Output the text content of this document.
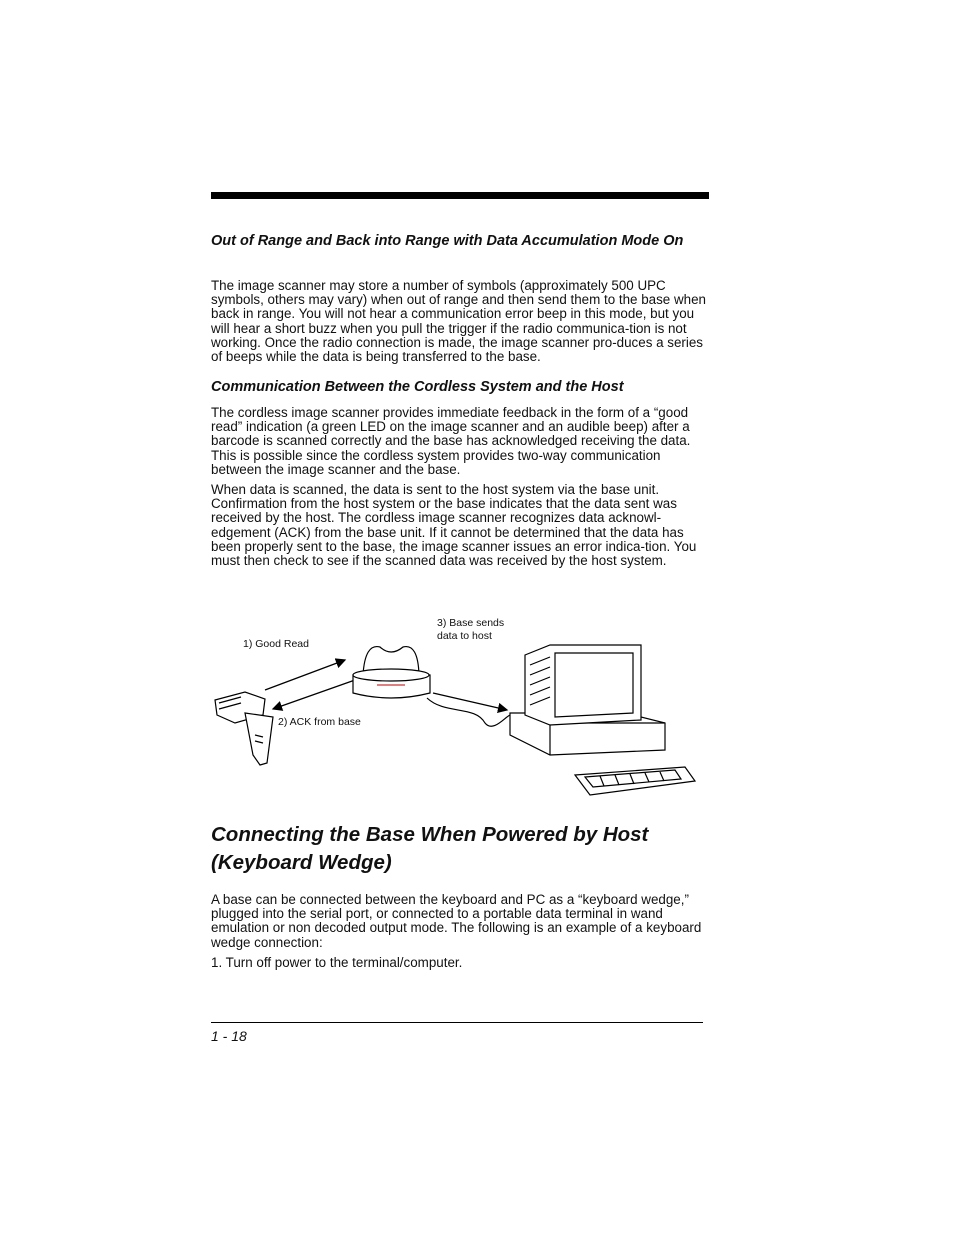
Out of Range and Back into Range with Data Accumulation Mode On

The image scanner may store a number of symbols (approximately 500 UPC symbols, others may vary) when out of range and then send them to the base when back in range. You will not hear a communication error beep in this mode, but you will hear a short buzz when you pull the trigger if the radio communica-tion is not working. Once the radio connection is made, the image scanner pro-duces a series of beeps while the data is being transferred to the base.

Communication Between the Cordless System and the Host

The cordless image scanner provides immediate feedback in the form of a “good read” indication (a green LED on the image scanner and an audible beep) after a barcode is scanned correctly and the base has acknowledged receiving the data. This is possible since the cordless system provides two-way communication between the image scanner and the base.

When data is scanned, the data is sent to the host system via the base unit. Confirmation from the host system or the base indicates that the data sent was received by the host. The cordless image scanner recognizes data acknowl-edgement (ACK) from the base unit. If it cannot be determined that the data has been properly sent to the base, the image scanner issues an error indica-tion. You must then check to see if the scanned data was received by the host system.

1) Good Read
2) ACK from base
3) Base sends
data to host
Connecting the Base When Powered by Host
(Keyboard Wedge)

A base can be connected between the keyboard and PC as a “keyboard wedge,” plugged into the serial port, or connected to a portable data terminal in wand emulation or non decoded output mode. The following is an example of a keyboard wedge connection:

1. Turn off power to the terminal/computer.

1 - 18
